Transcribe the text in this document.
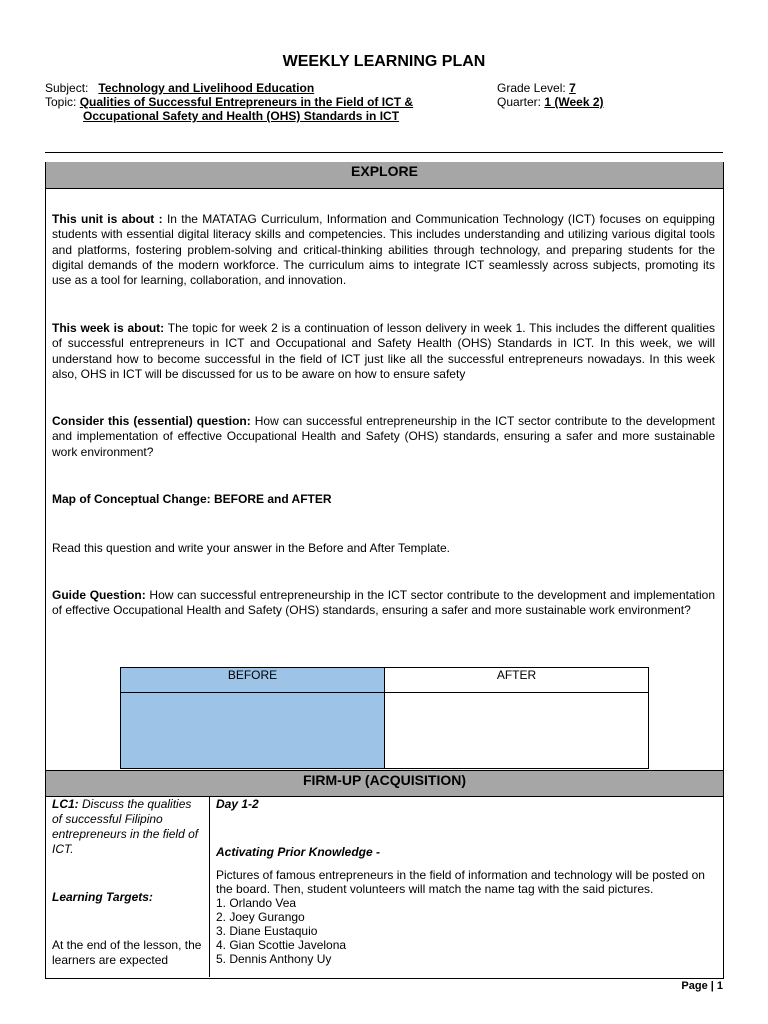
WEEKLY LEARNING PLAN
Subject: Technology and Livelihood Education
Topic: Qualities of Successful Entrepreneurs in the Field of ICT &
Occupational Safety and Health (OHS) Standards in ICT
Grade Level: 7
Quarter: 1 (Week 2)
EXPLORE
This unit is about : In the MATATAG Curriculum, Information and Communication Technology (ICT) focuses on equipping students with essential digital literacy skills and competencies. This includes understanding and utilizing various digital tools and platforms, fostering problem-solving and critical-thinking abilities through technology, and preparing students for the digital demands of the modern workforce. The curriculum aims to integrate ICT seamlessly across subjects, promoting its use as a tool for learning, collaboration, and innovation.
This week is about: The topic for week 2 is a continuation of lesson delivery in week 1. This includes the different qualities of successful entrepreneurs in ICT and Occupational and Safety Health (OHS) Standards in ICT. In this week, we will understand how to become successful in the field of ICT just like all the successful entrepreneurs nowadays. In this week also, OHS in ICT will be discussed for us to be aware on how to ensure safety
Consider this (essential) question: How can successful entrepreneurship in the ICT sector contribute to the development and implementation of effective Occupational Health and Safety (OHS) standards, ensuring a safer and more sustainable work environment?
Map of Conceptual Change: BEFORE and AFTER
Read this question and write your answer in the Before and After Template.
Guide Question: How can successful entrepreneurship in the ICT sector contribute to the development and implementation of effective Occupational Health and Safety (OHS) standards, ensuring a safer and more sustainable work environment?
BEFORE	AFTER
FIRM-UP (ACQUISITION)
LC1: Discuss the qualities of successful Filipino entrepreneurs in the field of ICT.
Learning Targets:
At the end of the lesson, the learners are expected
Day 1-2
Activating Prior Knowledge -
Pictures of famous entrepreneurs in the field of information and technology will be posted on the board. Then, student volunteers will match the name tag with the said pictures.
1. Orlando Vea
2. Joey Gurango
3. Diane Eustaquio
4. Gian Scottie Javelona
5. Dennis Anthony Uy
Page | 1
